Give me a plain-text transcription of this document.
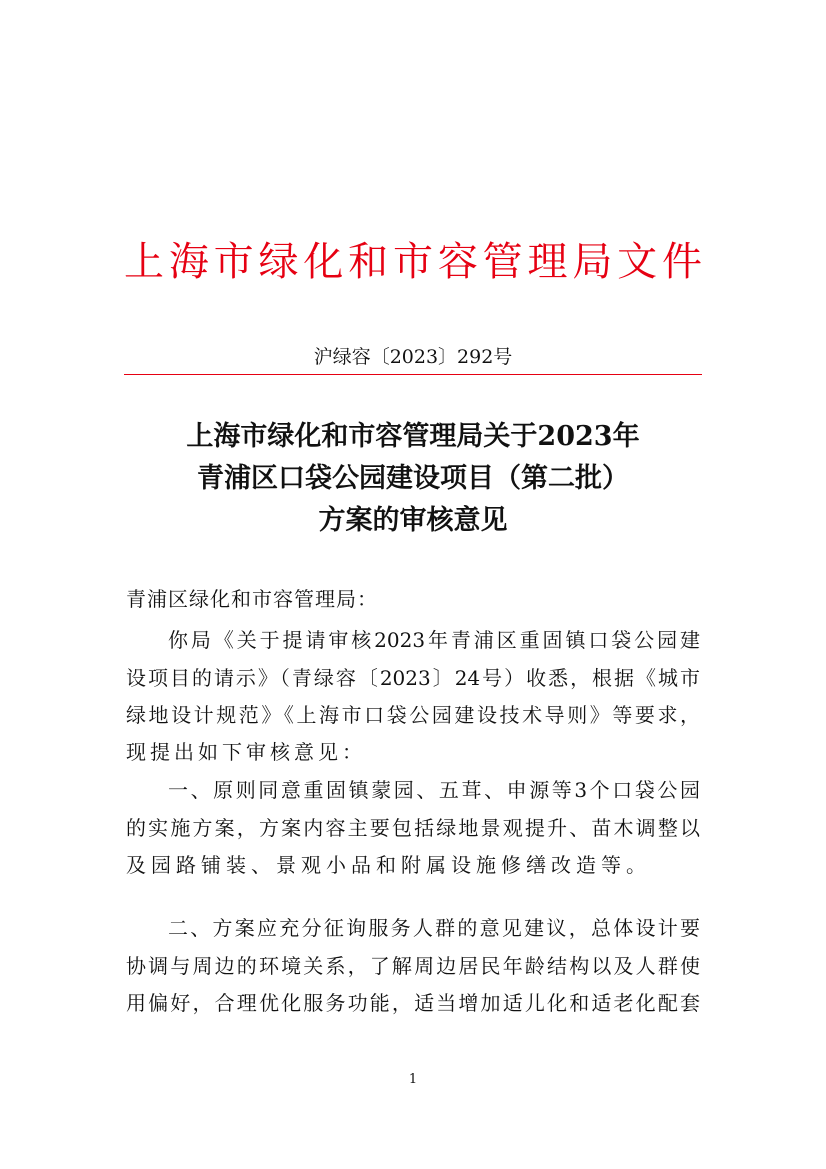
上海市绿化和市容管理局文件
沪绿容〔2023〕292号
上海市绿化和市容管理局关于2023年
青浦区口袋公园建设项目（第二批）
方案的审核意见
青浦区绿化和市容管理局：
你局《关于提请审核2023年青浦区重固镇口袋公园建
设项目的请示》（青绿容〔2023〕24号）收悉，根据《城市
绿地设计规范》《上海市口袋公园建设技术导则》等要求，
现提出如下审核意见：
一、原则同意重固镇蒙园、五茸、申源等3个口袋公园
的实施方案，方案内容主要包括绿地景观提升、苗木调整以
及园路铺装、景观小品和附属设施修缮改造等。
二、方案应充分征询服务人群的意见建议，总体设计要
协调与周边的环境关系，了解周边居民年龄结构以及人群使
用偏好，合理优化服务功能，适当增加适儿化和适老化配套
1
